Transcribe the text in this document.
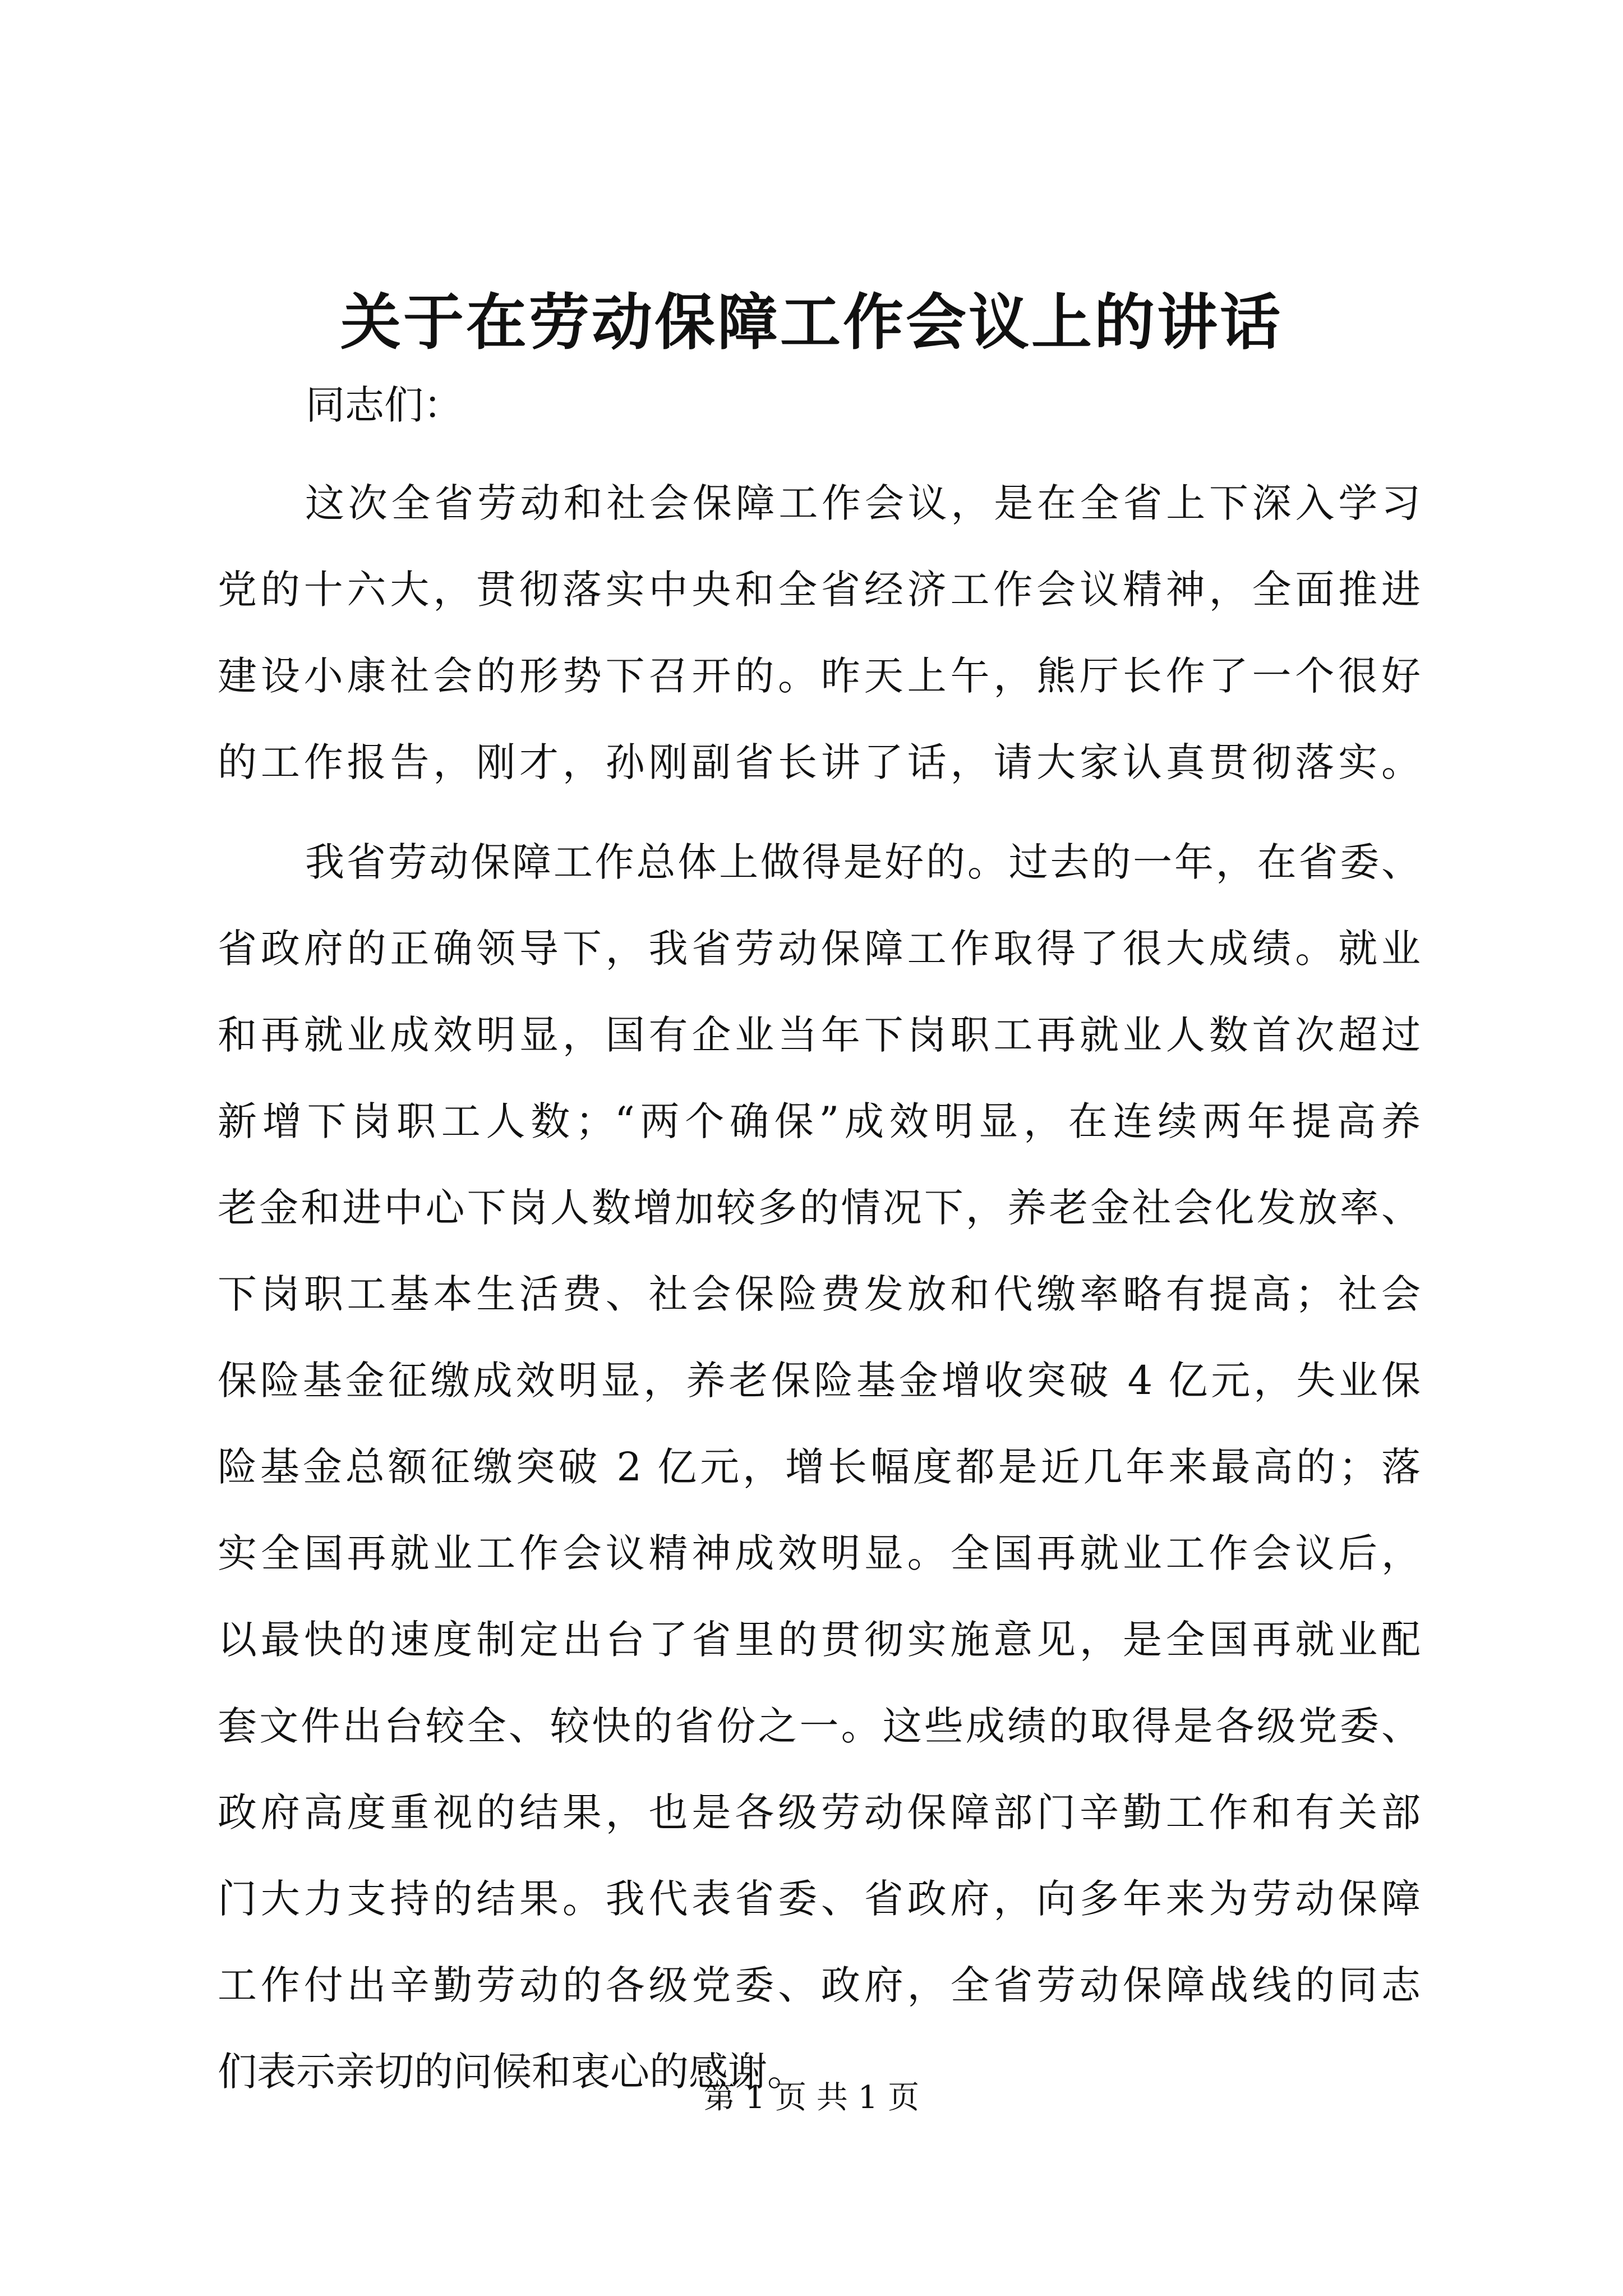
关于在劳动保障工作会议上的讲话
同志们：
这次全省劳动和社会保障工作会议，是在全省上下深入学习
党的十六大，贯彻落实中央和全省经济工作会议精神，全面推进
建设小康社会的形势下召开的。昨天上午，熊厅长作了一个很好
的工作报告，刚才，孙刚副省长讲了话，请大家认真贯彻落实。
我省劳动保障工作总体上做得是好的。过去的一年，在省委、
省政府的正确领导下，我省劳动保障工作取得了很大成绩。就业
和再就业成效明显，国有企业当年下岗职工再就业人数首次超过
新增下岗职工人数；“两个确保”成效明显，在连续两年提高养
老金和进中心下岗人数增加较多的情况下，养老金社会化发放率、
下岗职工基本生活费、社会保险费发放和代缴率略有提高；社会
保险基金征缴成效明显，养老保险基金增收突破 4 亿元，失业保
险基金总额征缴突破 2 亿元，增长幅度都是近几年来最高的；落
实全国再就业工作会议精神成效明显。全国再就业工作会议后，
以最快的速度制定出台了省里的贯彻实施意见，是全国再就业配
套文件出台较全、较快的省份之一。这些成绩的取得是各级党委、
政府高度重视的结果，也是各级劳动保障部门辛勤工作和有关部
门大力支持的结果。我代表省委、省政府，向多年来为劳动保障
工作付出辛勤劳动的各级党委、政府，全省劳动保障战线的同志
们表示亲切的问候和衷心的感谢。
第 1 页 共 1 页
